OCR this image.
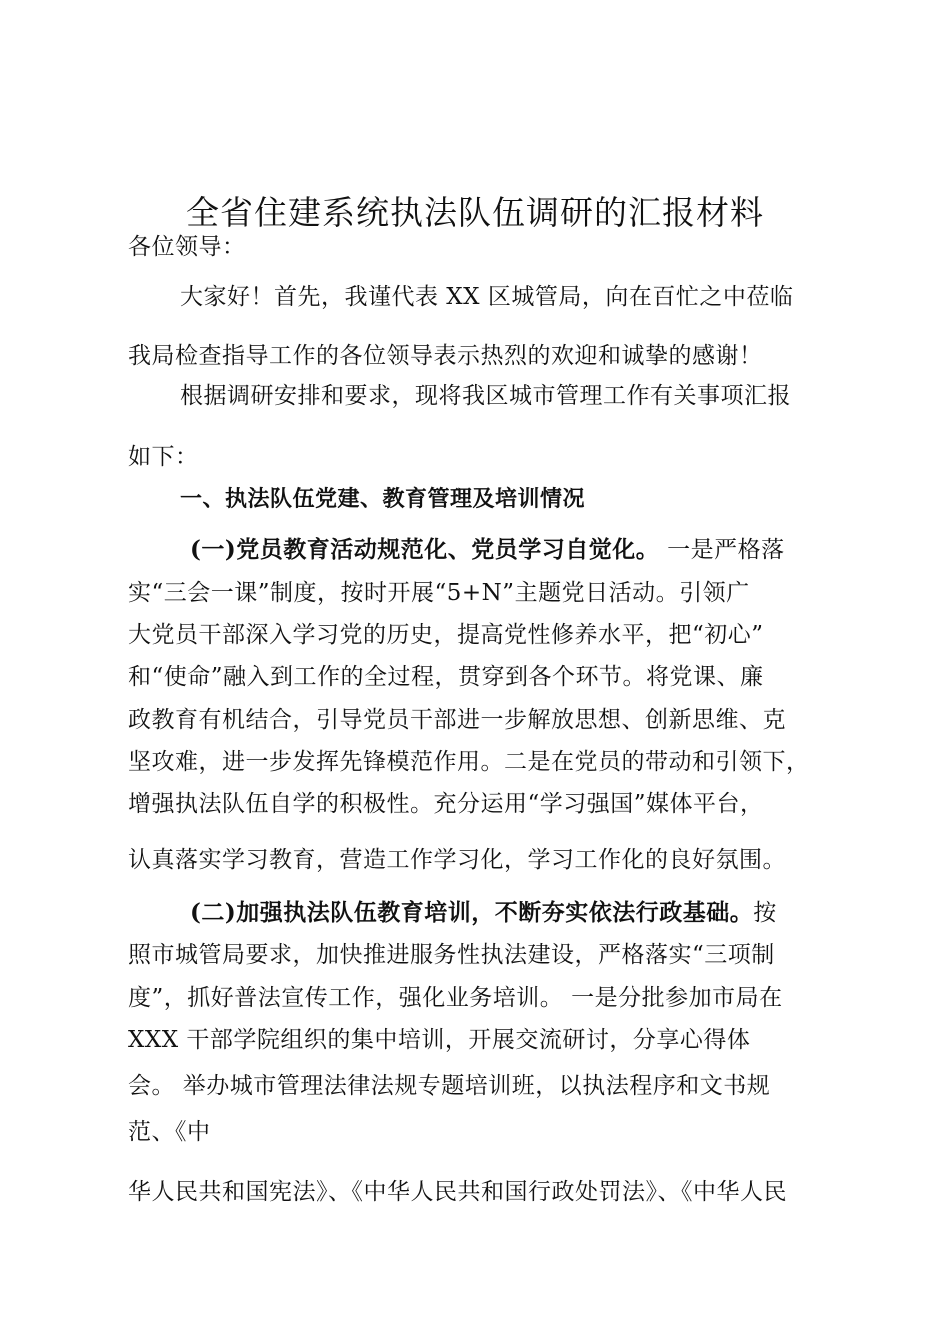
全省住建系统执法队伍调研的汇报材料
各位领导：
大家好！首先，我谨代表 XX 区城管局，向在百忙之中莅临
我局检查指导工作的各位领导表示热烈的欢迎和诚挚的感谢！
根据调研安排和要求，现将我区城市管理工作有关事项汇报
如下：
一、执法队伍党建、教育管理及培训情况
(一)党员教育活动规范化、党员学习自觉化。 一是严格落
实“三会一课”制度，按时开展“5+N”主题党日活动。引领广
大党员干部深入学习党的历史，提高党性修养水平，把“初心”
和“使命”融入到工作的全过程，贯穿到各个环节。将党课、廉
政教育有机结合，引导党员干部进一步解放思想、创新思维、克
坚攻难，进一步发挥先锋模范作用。二是在党员的带动和引领下，
增强执法队伍自学的积极性。充分运用“学习强国”媒体平台，
认真落实学习教育，营造工作学习化，学习工作化的良好氛围。
(二)加强执法队伍教育培训，不断夯实依法行政基础。按
照市城管局要求，加快推进服务性执法建设，严格落实“三项制
度”，抓好普法宣传工作，强化业务培训。 一是分批参加市局在
XXX 干部学院组织的集中培训，开展交流研讨，分享心得体
会。 举办城市管理法律法规专题培训班，以执法程序和文书规
范、《中
华人民共和国宪法》、《中华人民共和国行政处罚法》、《中华人民
